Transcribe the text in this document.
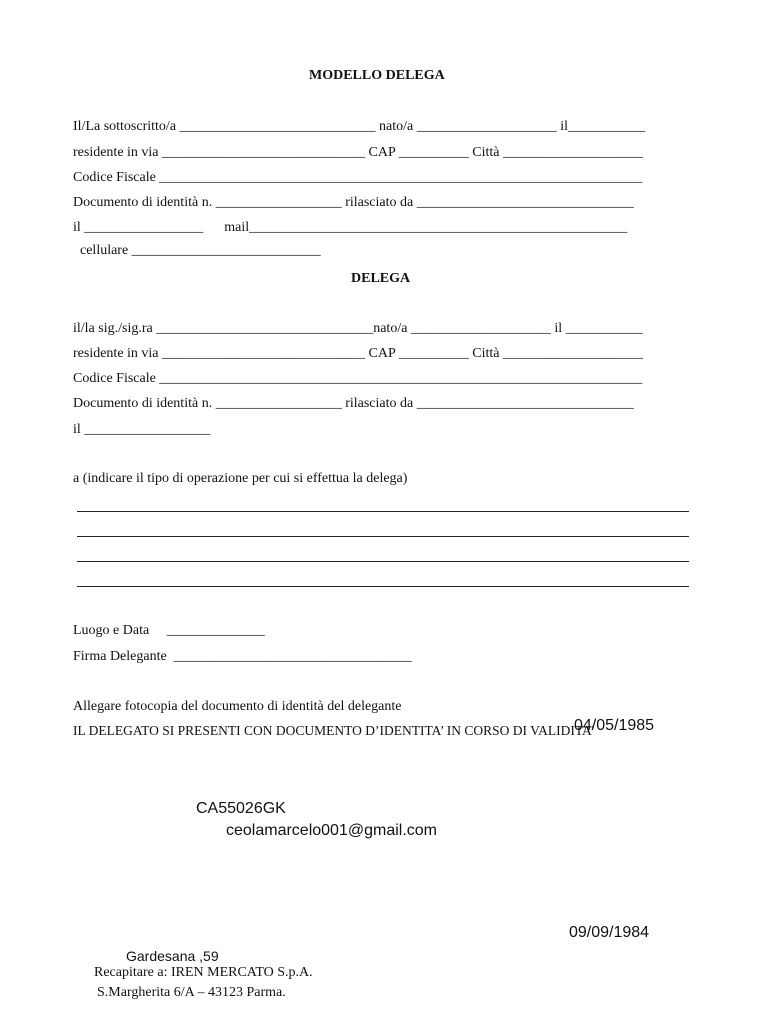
MODELLO DELEGA
Il/La sottoscritto/a ____________________________ nato/a ____________________ il___________
residente in via _____________________________ CAP __________ Città ____________________
Codice Fiscale _____________________________________________________________________
Documento di identità n. __________________ rilasciato da _______________________________
il _________________      mail______________________________________________________
cellulare ___________________________
DELEGA
il/la sig./sig.ra _______________________________nato/a ____________________ il ___________
residente in via _____________________________ CAP __________ Città ____________________
Codice Fiscale _____________________________________________________________________
Documento di identità n. __________________ rilasciato da _______________________________
il __________________
a (indicare il tipo di operazione per cui si effettua la delega)
Luogo e Data     ______________
Firma Delegante  __________________________________
Allegare fotocopia del documento di identità del delegante
IL DELEGATO SI PRESENTI CON DOCUMENTO D’IDENTITA’ IN CORSO DI VALIDITA’
04/05/1985
CA55026GK
ceolamarcelo001@gmail.com
09/09/1984
Gardesana ,59
Recapitare a: IREN MERCATO S.p.A.
S.Margherita 6/A – 43123 Parma.
